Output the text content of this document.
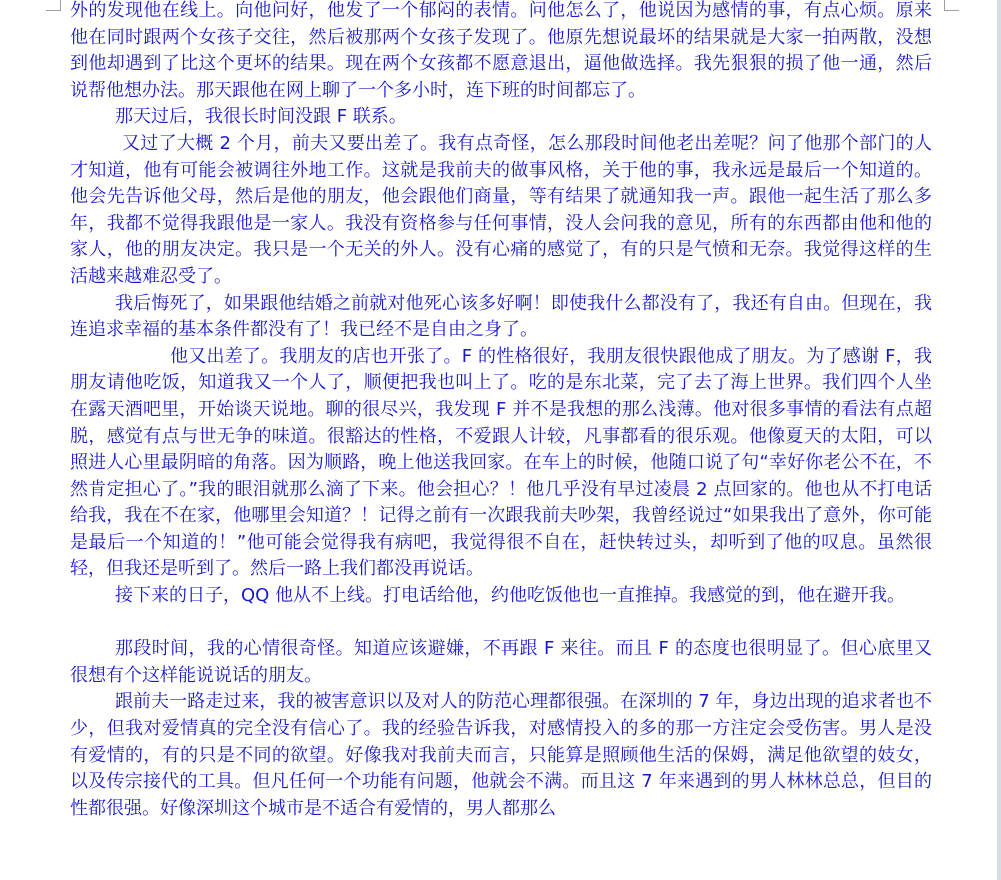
外的发现他在线上。向他问好，他发了一个郁闷的表情。问他怎么了，他说因为感情的事，有点心烦。原来他在同时跟两个女孩子交往，然后被那两个女孩子发现了。他原先想说最坏的结果就是大家一拍两散，没想到他却遇到了比这个更坏的结果。现在两个女孩都不愿意退出，逼他做选择。我先狠狠的损了他一通，然后说帮他想办法。那天跟他在网上聊了一个多小时，连下班的时间都忘了。

那天过后，我很长时间没跟 F 联系。

又过了大概 2 个月，前夫又要出差了。我有点奇怪，怎么那段时间他老出差呢？问了他那个部门的人才知道，他有可能会被调往外地工作。这就是我前夫的做事风格，关于他的事，我永远是最后一个知道的。他会先告诉他父母，然后是他的朋友，他会跟他们商量，等有结果了就通知我一声。跟他一起生活了那么多年，我都不觉得我跟他是一家人。我没有资格参与任何事情，没人会问我的意见，所有的东西都由他和他的家人，他的朋友决定。我只是一个无关的外人。没有心痛的感觉了，有的只是气愤和无奈。我觉得这样的生活越来越难忍受了。

我后悔死了，如果跟他结婚之前就对他死心该多好啊！即使我什么都没有了，我还有自由。但现在，我连追求幸福的基本条件都没有了！我已经不是自由之身了。

他又出差了。我朋友的店也开张了。F 的性格很好，我朋友很快跟他成了朋友。为了感谢 F，我朋友请他吃饭，知道我又一个人了，顺便把我也叫上了。吃的是东北菜，完了去了海上世界。我们四个人坐在露天酒吧里，开始谈天说地。聊的很尽兴，我发现 F 并不是我想的那么浅薄。他对很多事情的看法有点超脱，感觉有点与世无争的味道。很豁达的性格，不爱跟人计较，凡事都看的很乐观。他像夏天的太阳，可以照进人心里最阴暗的角落。因为顺路，晚上他送我回家。在车上的时候，他随口说了句“幸好你老公不在，不然肯定担心了。”我的眼泪就那么滴了下来。他会担心？！他几乎没有早过凌晨 2 点回家的。他也从不打电话给我，我在不在家，他哪里会知道？！记得之前有一次跟我前夫吵架，我曾经说过“如果我出了意外，你可能是最后一个知道的！”他可能会觉得我有病吧，我觉得很不自在，赶快转过头，却听到了他的叹息。虽然很轻，但我还是听到了。然后一路上我们都没再说话。

接下来的日子，QQ 他从不上线。打电话给他，约他吃饭他也一直推掉。我感觉的到，他在避开我。

那段时间，我的心情很奇怪。知道应该避嫌，不再跟 F 来往。而且 F 的态度也很明显了。但心底里又很想有个这样能说说话的朋友。

跟前夫一路走过来，我的被害意识以及对人的防范心理都很强。在深圳的 7 年，身边出现的追求者也不少，但我对爱情真的完全没有信心了。我的经验告诉我，对感情投入的多的那一方注定会受伤害。男人是没有爱情的，有的只是不同的欲望。好像我对我前夫而言，只能算是照顾他生活的保姆，满足他欲望的妓女，以及传宗接代的工具。但凡任何一个功能有问题，他就会不满。而且这 7 年来遇到的男人林林总总，但目的性都很强。好像深圳这个城市是不适合有爱情的，男人都那么
